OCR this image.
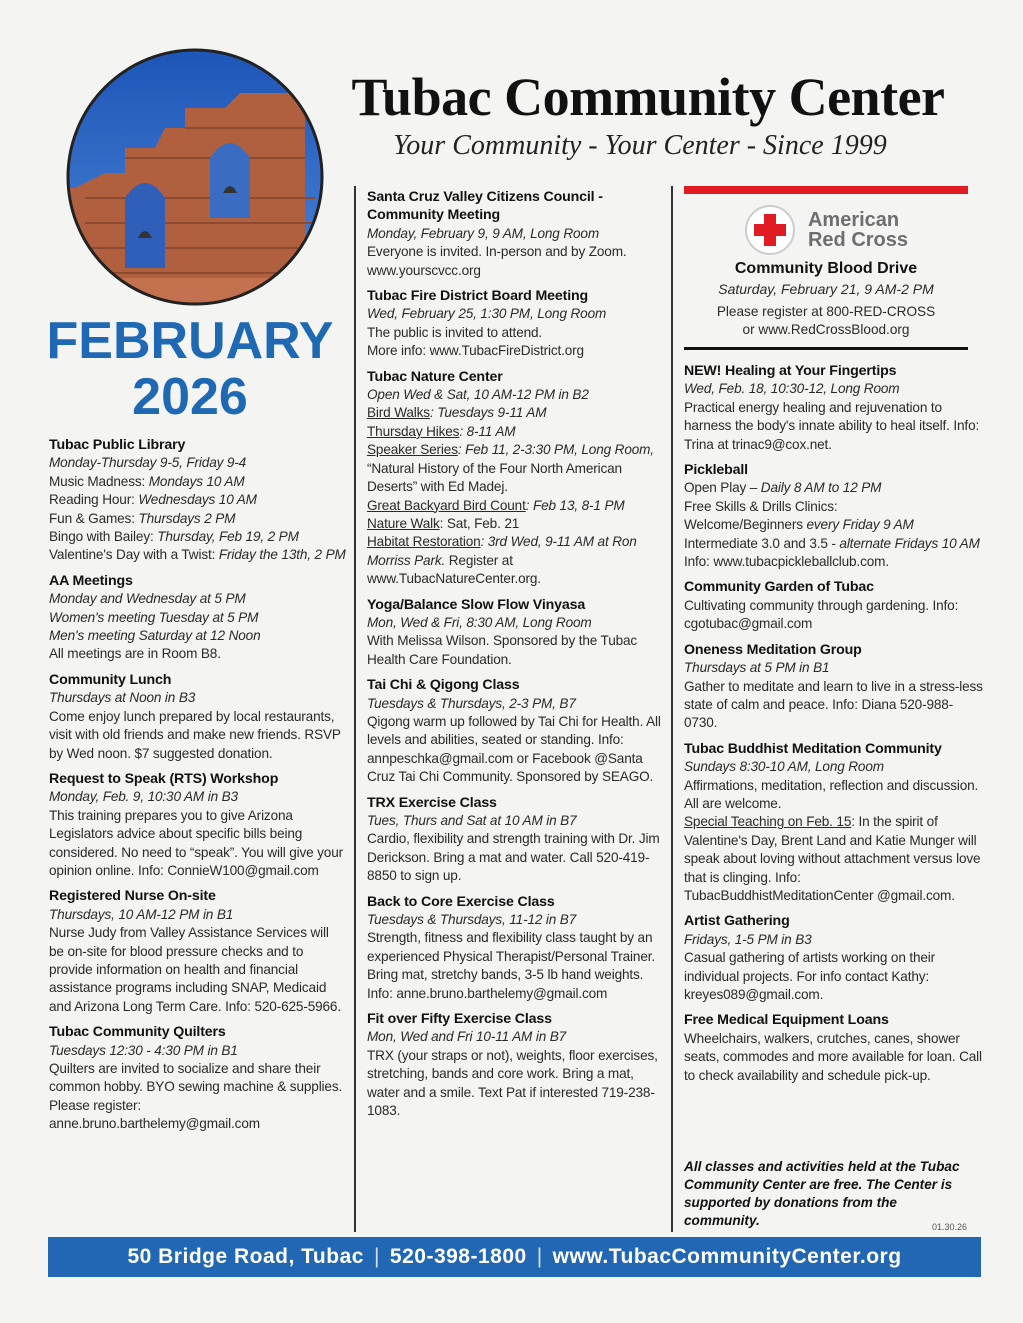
Tubac Community Center
Your Community - Your Center - Since 1999
FEBRUARY
2026
Tubac Public Library
Monday-Thursday 9-5, Friday 9-4
Music Madness: Mondays 10 AM
Reading Hour: Wednesdays 10 AM
Fun & Games: Thursdays 2 PM
Bingo with Bailey: Thursday, Feb 19, 2 PM
Valentine's Day with a Twist: Friday the 13th, 2 PM
AA Meetings
Monday and Wednesday at 5 PM
Women's meeting Tuesday at 5 PM
Men's meeting Saturday at 12 Noon
All meetings are in Room B8.
Community Lunch
Thursdays at Noon in B3
Come enjoy lunch prepared by local restaurants, visit with old friends and make new friends. RSVP by Wed noon. $7 suggested donation.
Request to Speak (RTS) Workshop
Monday, Feb. 9, 10:30 AM in B3
This training prepares you to give Arizona Legislators advice about specific bills being considered. No need to “speak”. You will give your opinion online. Info: ConnieW100@gmail.com
Registered Nurse On-site
Thursdays, 10 AM-12 PM in B1
Nurse Judy from Valley Assistance Services will be on-site for blood pressure checks and to provide information on health and financial assistance programs including SNAP, Medicaid and Arizona Long Term Care. Info: 520-625-5966.
Tubac Community Quilters
Tuesdays 12:30 - 4:30 PM in B1
Quilters are invited to socialize and share their common hobby. BYO sewing machine & supplies. Please register: anne.bruno.barthelemy@gmail.com
Santa Cruz Valley Citizens Council - Community Meeting
Monday, February 9, 9 AM, Long Room
Everyone is invited. In-person and by Zoom. www.yourscvcc.org
Tubac Fire District Board Meeting
Wed, February 25, 1:30 PM, Long Room
The public is invited to attend.
More info: www.TubacFireDistrict.org
Tubac Nature Center
Open Wed & Sat, 10 AM-12 PM in B2
Bird Walks: Tuesdays 9-11 AM
Thursday Hikes: 8-11 AM
Speaker Series: Feb 11, 2-3:30 PM, Long Room, “Natural History of the Four North American Deserts” with Ed Madej.
Great Backyard Bird Count: Feb 13, 8-1 PM
Nature Walk: Sat, Feb. 21
Habitat Restoration: 3rd Wed, 9-11 AM at Ron Morriss Park. Register at www.TubacNatureCenter.org.
Yoga/Balance Slow Flow Vinyasa
Mon, Wed & Fri, 8:30 AM, Long Room
With Melissa Wilson. Sponsored by the Tubac Health Care Foundation.
Tai Chi & Qigong Class
Tuesdays & Thursdays, 2-3 PM, B7
Qigong warm up followed by Tai Chi for Health. All levels and abilities, seated or standing. Info: annpeschka@gmail.com or Facebook @Santa Cruz Tai Chi Community. Sponsored by SEAGO.
TRX Exercise Class
Tues, Thurs and Sat at 10 AM in B7
Cardio, flexibility and strength training with Dr. Jim Derickson. Bring a mat and water. Call 520-419-8850 to sign up.
Back to Core Exercise Class
Tuesdays & Thursdays, 11-12 in B7
Strength, fitness and flexibility class taught by an experienced Physical Therapist/Personal Trainer. Bring mat, stretchy bands, 3-5 lb hand weights. Info: anne.bruno.barthelemy@gmail.com
Fit over Fifty Exercise Class
Mon, Wed and Fri 10-11 AM in B7
TRX (your straps or not), weights, floor exercises, stretching, bands and core work. Bring a mat, water and a smile. Text Pat if interested 719-238-1083.
American
Red Cross
Community Blood Drive
Saturday, February 21, 9 AM-2 PM
Please register at 800-RED-CROSS
or www.RedCrossBlood.org
NEW! Healing at Your Fingertips
Wed, Feb. 18, 10:30-12, Long Room
Practical energy healing and rejuvenation to harness the body's innate ability to heal itself. Info: Trina at trinac9@cox.net.
Pickleball
Open Play – Daily 8 AM to 12 PM
Free Skills & Drills Clinics:
Welcome/Beginners every Friday 9 AM
Intermediate 3.0 and 3.5 - alternate Fridays 10 AM
Info: www.tubacpickleballclub.com.
Community Garden of Tubac
Cultivating community through gardening. Info: cgotubac@gmail.com
Oneness Meditation Group
Thursdays at 5 PM in B1
Gather to meditate and learn to live in a stress-less state of calm and peace. Info: Diana 520-988-0730.
Tubac Buddhist Meditation Community
Sundays 8:30-10 AM, Long Room
Affirmations, meditation, reflection and discussion. All are welcome.
Special Teaching on Feb. 15: In the spirit of Valentine's Day, Brent Land and Katie Munger will speak about loving without attachment versus love that is clinging. Info: TubacBuddhistMeditationCenter @gmail.com.
Artist Gathering
Fridays, 1-5 PM in B3
Casual gathering of artists working on their individual projects. For info contact Kathy: kreyes089@gmail.com.
Free Medical Equipment Loans
Wheelchairs, walkers, crutches, canes, shower seats, commodes and more available for loan. Call to check availability and schedule pick-up.
All classes and activities held at the Tubac Community Center are free. The Center is supported by donations from the community.	01.30.26
50 Bridge Road, Tubac | 520-398-1800 | www.TubacCommunityCenter.org
